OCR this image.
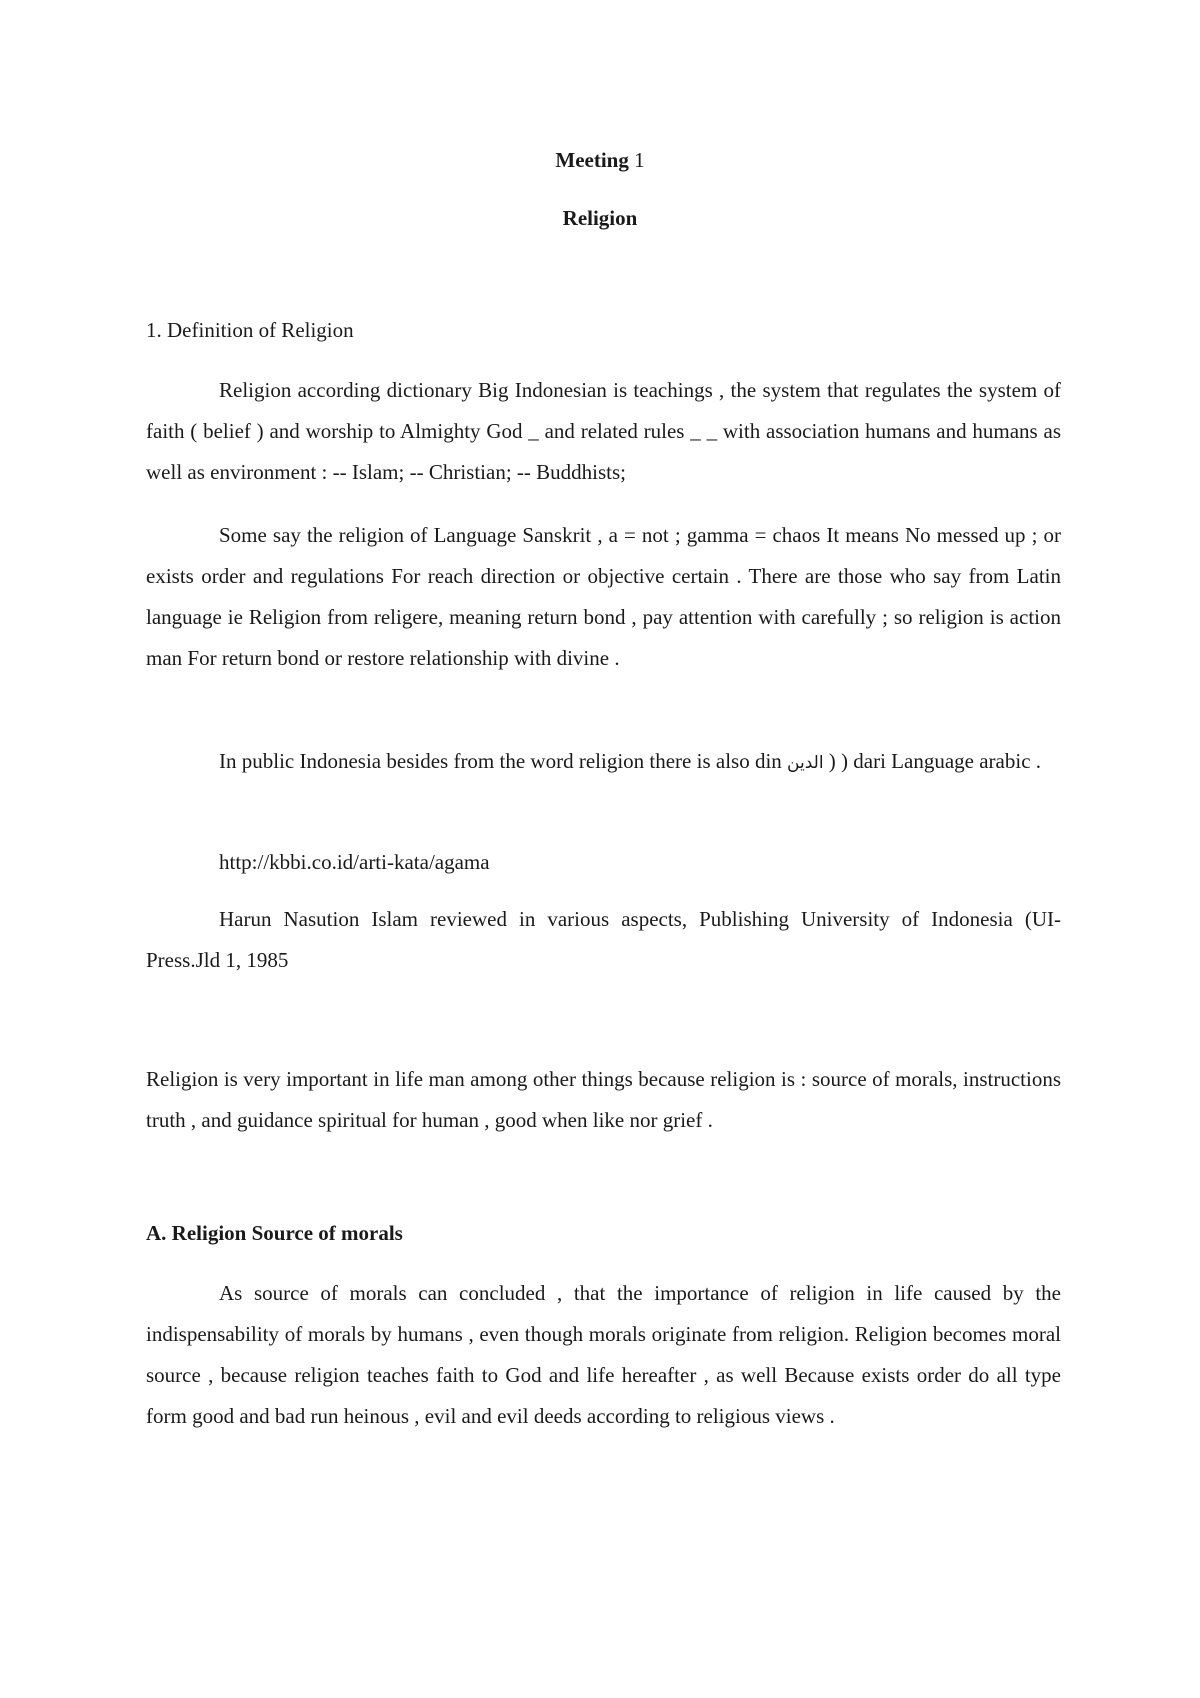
Meeting 1
Religion
1. Definition of Religion
Religion according dictionary Big Indonesian is teachings , the system that regulates the system of faith ( belief ) and worship to Almighty God _ and related rules _ _ with association humans and humans as well as environment : -- Islam; -- Christian; -- Buddhists;
Some say the religion of Language Sanskrit , a = not ; gamma = chaos It means No messed up ; or exists order and regulations For reach direction or objective certain . There are those who say from Latin language ie Religion from religere, meaning return bond , pay attention with carefully ; so religion is action man For return bond or restore relationship with divine .
In public Indonesia besides from the word religion there is also din الدين ) ) dari Language arabic .
http://kbbi.co.id/arti-kata/agama
Harun Nasution Islam reviewed in various aspects, Publishing University of Indonesia (UI- Press.Jld 1, 1985
Religion is very important in life man among other things because religion is : source of morals, instructions truth , and guidance spiritual for human , good when like nor grief .
A. Religion Source of morals
As source of morals can concluded , that the importance of religion in life caused by the indispensability of morals by humans , even though morals originate from religion. Religion becomes moral source , because religion teaches faith to God and life hereafter , as well Because exists order do all type form good and bad run heinous , evil and evil deeds according to religious views .
